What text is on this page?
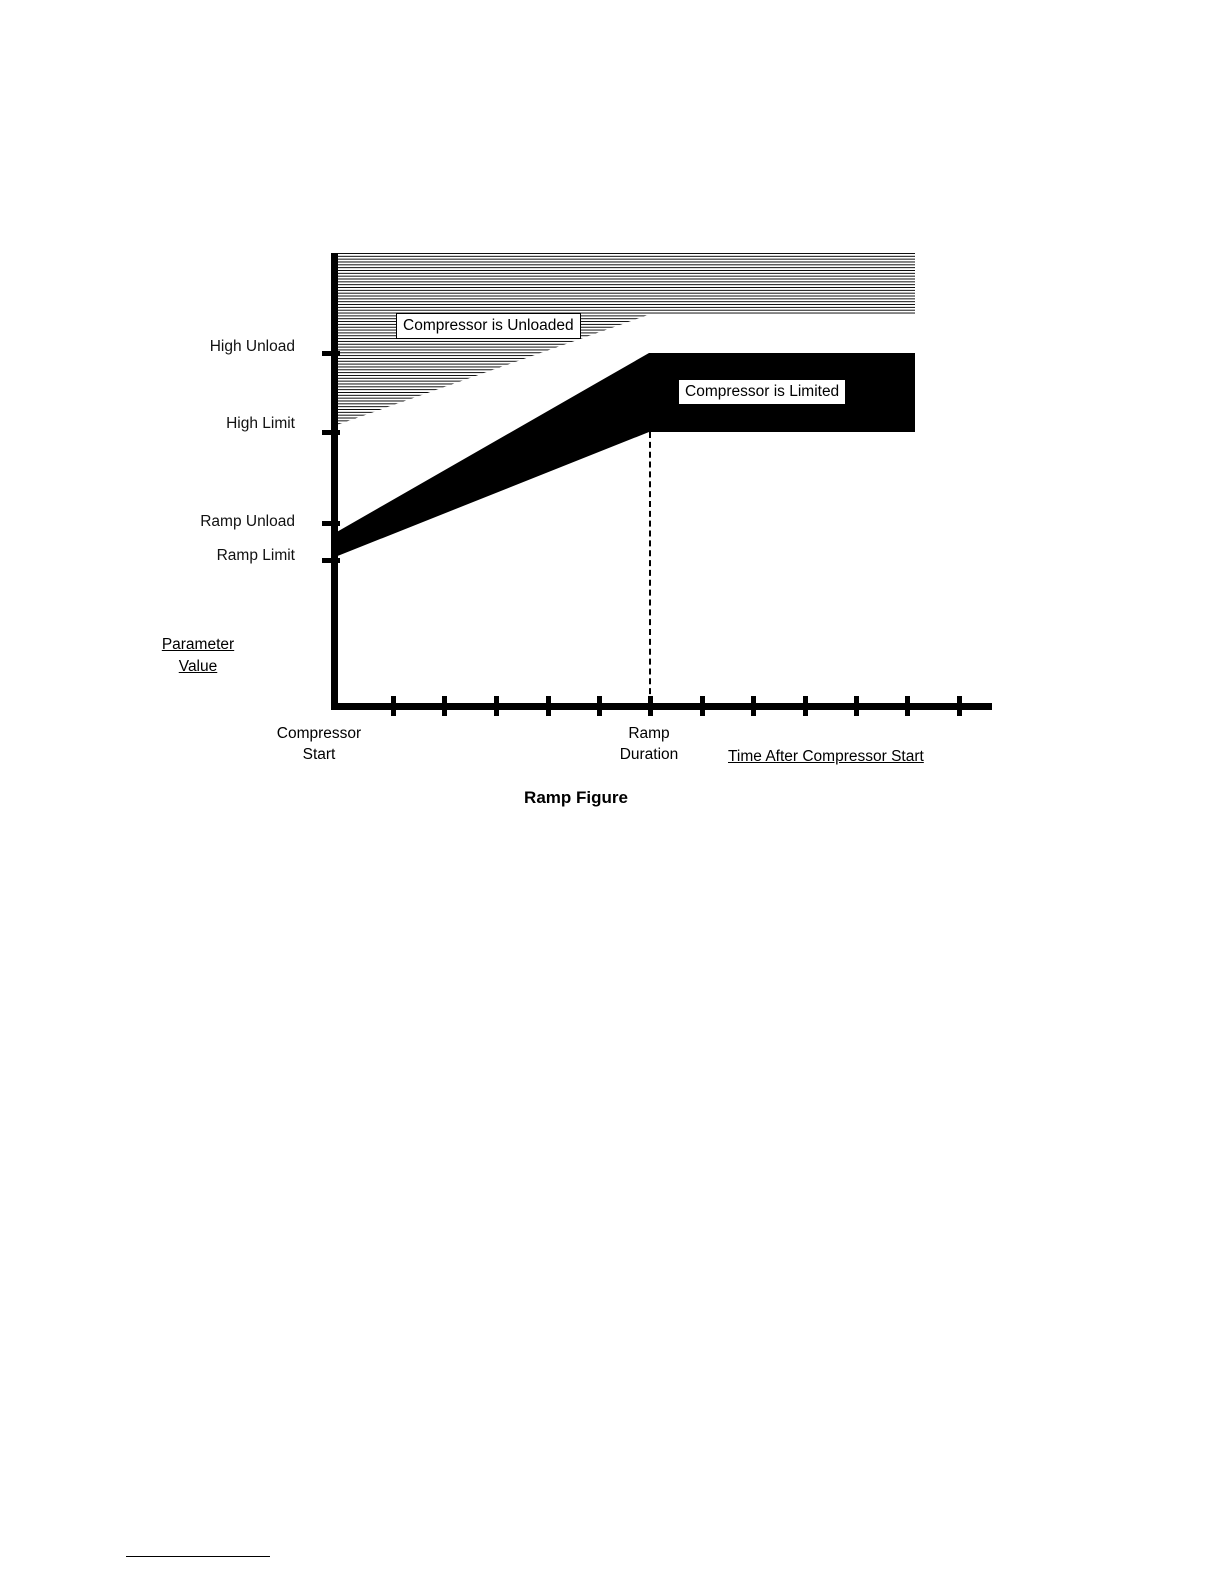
High Unload
High Limit
Ramp Unload
Ramp Limit
Parameter
Value
Compressor is Unloaded
Compressor is Limited
Compressor
Start
Ramp
Duration	Time After Compressor Start
Ramp Figure
